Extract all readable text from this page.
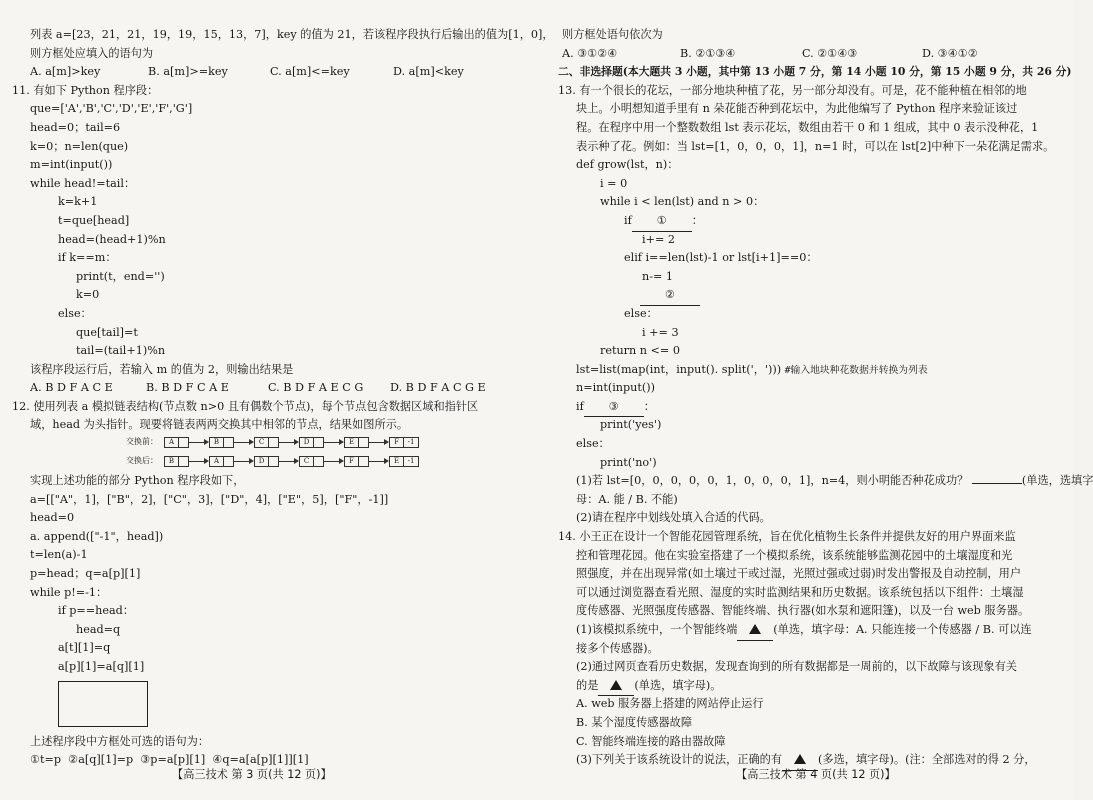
列表 a=[23，21，21，19，19，15，13，7]，key 的值为 21，若该程序段执行后输出的值为[1，0]，
则方框处应填入的语句为
A. a[m]>key	B. a[m]>=key	C. a[m]<=key	D. a[m]<key
11. 有如下 Python 程序段：
que=['A','B','C','D','E','F','G']
head=0；tail=6
k=0；n=len(que)
m=int(input())
while head!=tail：
k=k+1
t=que[head]
head=(head+1)%n
if k==m：
print(t，end='')
k=0
else：
que[tail]=t
tail=(tail+1)%n
该程序段运行后，若输入 m 的值为 2，则输出结果是
A. B D F A C E	B. B D F C A E	C. B D F A E C G	D. B D F A C G E
12. 使用列表 a 模拟链表结构(节点数 n>0 且有偶数个节点)，每个节点包含数据区域和指针区
域，head 为头指针。现要将链表两两交换其中相邻的节点，结果如图所示。
交换前：	A	B	C	D	E	F	-1
交换后：	B	A	D	C	F	E	-1
实现上述功能的部分 Python 程序段如下，
a=[["A"，1]，["B"，2]，["C"，3]，["D"，4]，["E"，5]，["F"，-1]]
head=0
a. append(["-1"，head])
t=len(a)-1
p=head；q=a[p][1]
while p!=-1：
if p==head：
head=q
a[t][1]=q
a[p][1]=a[q][1]
上述程序段中方框处可选的语句为：
①t=p  ②a[q][1]=p  ③p=a[p][1]  ④q=a[a[p][1]][1]
【高三技术 第 3 页(共 12 页)】
则方框处语句依次为
A. ③①②④	B. ②①③④	C. ②①④③	D. ③④①②
二、非选择题(本大题共 3 小题，其中第 13 小题 7 分，第 14 小题 10 分，第 15 小题 9 分，共 26 分)
13. 有一个很长的花坛，一部分地块种植了花，另一部分却没有。可是，花不能种植在相邻的地
块上。小明想知道手里有 n 朵花能否种到花坛中，为此他编写了 Python 程序来验证该过
程。在程序中用一个整数数组 lst 表示花坛，数组由若干 0 和 1 组成，其中 0 表示没种花，1
表示种了花。例如：当 lst=[1，0，0，0，1]，n=1 时，可以在 lst[2]中种下一朵花满足需求。
def grow(lst，n)：
i = 0
while i < len(lst) and n > 0：
if ① ：
i+= 2
elif i==len(lst)-1 or lst[i+1]==0：
n-= 1
②
else：
i += 3
return n <= 0
lst=list(map(int，input(). split('，'))) #输入地块种花数据并转换为列表
n=int(input())
if ③ ：
print('yes')
else：
print('no')
(1)若 lst=[0，0，0，0，0，1，0，0，0，1]，n=4，则小明能否种花成功？	(单选，选填字
母：A. 能 / B. 不能)
(2)请在程序中划线处填入合适的代码。
14. 小王正在设计一个智能花园管理系统，旨在优化植物生长条件并提供友好的用户界面来监
控和管理花园。他在实验室搭建了一个模拟系统，该系统能够监测花园中的土壤湿度和光
照强度，并在出现异常(如土壤过干或过湿，光照过强或过弱)时发出警报及自动控制，用户
可以通过浏览器查看光照、湿度的实时监测结果和历史数据。该系统包括以下组件：土壤湿
度传感器、光照强度传感器、智能终端、执行器(如水泵和遮阳篷)，以及一台 web 服务器。
(1)该模拟系统中，一个智能终端	(单选，填字母：A. 只能连接一个传感器 / B. 可以连
接多个传感器)。
(2)通过网页查看历史数据，发现查询到的所有数据都是一周前的，以下故障与该现象有关
的是	(单选，填字母)。
A. web 服务器上搭建的网站停止运行
B. 某个湿度传感器故障
C. 智能终端连接的路由器故障
(3)下列关于该系统设计的说法，正确的有	(多选，填字母)。(注：全部选对的得 2 分，
【高三技术 第 4 页(共 12 页)】
